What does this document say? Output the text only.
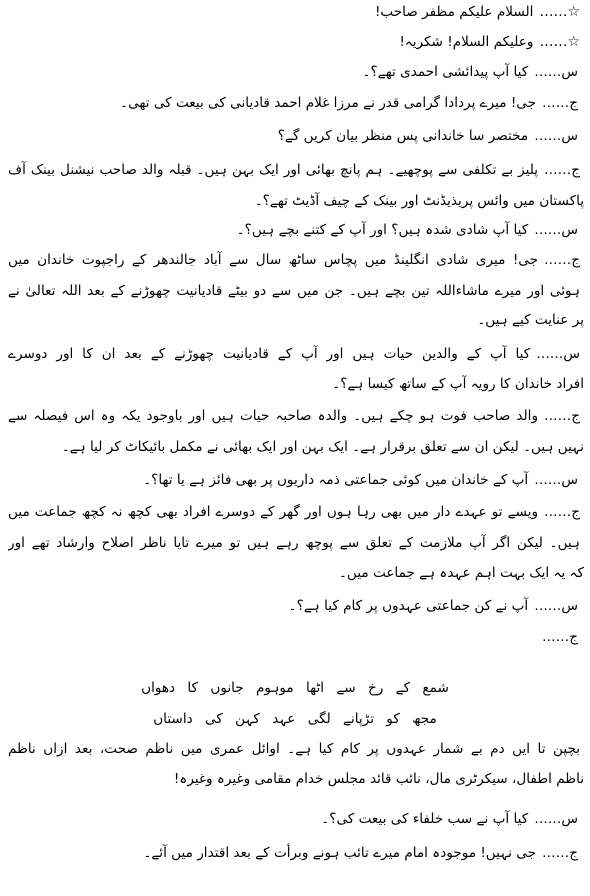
☆……السلام علیکم مظفر صاحب!
☆……وعلیکم السلام! شکریہ!
س……کیا آپ پیدائشی احمدی تھے؟۔
ج……جی! میرے پردادا گرامی قدر نے مرزا غلام احمد قادیانی کی بیعت کی تھی۔
س……مختصر سا خاندانی پس منظر بیان کریں گے؟
ج……پلیز بے تکلفی سے پوچھیے۔ ہم پانچ بھائی اور ایک بہن ہیں۔ قبلہ والد صاحب نیشنل بینک آف
پاکستان میں وائس پریذیڈنٹ اور بینک کے چیف آڈیٹ تھے؟۔
س……کیا آپ شادی شدہ ہیں؟ اور آپ کے کتنے بچے ہیں؟۔
ج……جی! میری شادی انگلینڈ میں پچاس ساٹھ سال سے آباد جالندھر کے راجپوت خاندان میں
ہوئی اور میرے ماشاءاللہ تین بچے ہیں۔ جن میں سے دو بیٹے قادیانیت چھوڑنے کے بعد اللہ تعالیٰ نے
پر عنایت کیے ہیں۔
س……کیا آپ کے والدین حیات ہیں اور آپ کے قادیانیت چھوڑنے کے بعد ان کا اور دوسرے
افراد خاندان کا رویہ آپ کے ساتھ کیسا ہے؟۔
ج……والد صاحب فوت ہو چکے ہیں۔ والدہ صاحبہ حیات ہیں اور باوجود یکہ وہ اس فیصلہ سے
نہیں ہیں۔ لیکن ان سے تعلق برقرار ہے۔ ایک بہن اور ایک بھائی نے مکمل بائیکاٹ کر لیا ہے۔
س……آپ کے خاندان میں کوئی جماعتی ذمہ داریوں پر بھی فائز ہے یا تھا؟۔
ج……ویسے تو عہدے دار میں بھی رہا ہوں اور گھر کے دوسرے افراد بھی کچھ نہ کچھ جماعت میں
ہیں۔ لیکن اگر آپ ملازمت کے تعلق سے پوچھ رہے ہیں تو میرے تایا ناظر اصلاح وارشاد تھے اور
کہ یہ ایک بہت اہم عہدہ ہے جماعت میں۔
س……آپ نے کن جماعتی عہدوں پر کام کیا ہے؟۔
ج……
شمع کے رخ سے اٹھا موہوم جانوں کا دھواں
مجھ کو تڑپانے لگی عہد کہن کی داستاں
بچپن تا ایں دم بے شمار عہدوں پر کام کیا ہے۔ اوائل عمری میں ناظم صحت، بعد ازاں ناظم
ناظم اطفال، سیکرٹری مال، نائب قائد مجلس خدام مقامی وغیرہ وغیرہ!
س……کیا آپ نے سب خلفاء کی بیعت کی؟۔
ج……جی نہیں! موجودہ امام میرے تائب ہونے وبرأت کے بعد اقتدار میں آئے۔
